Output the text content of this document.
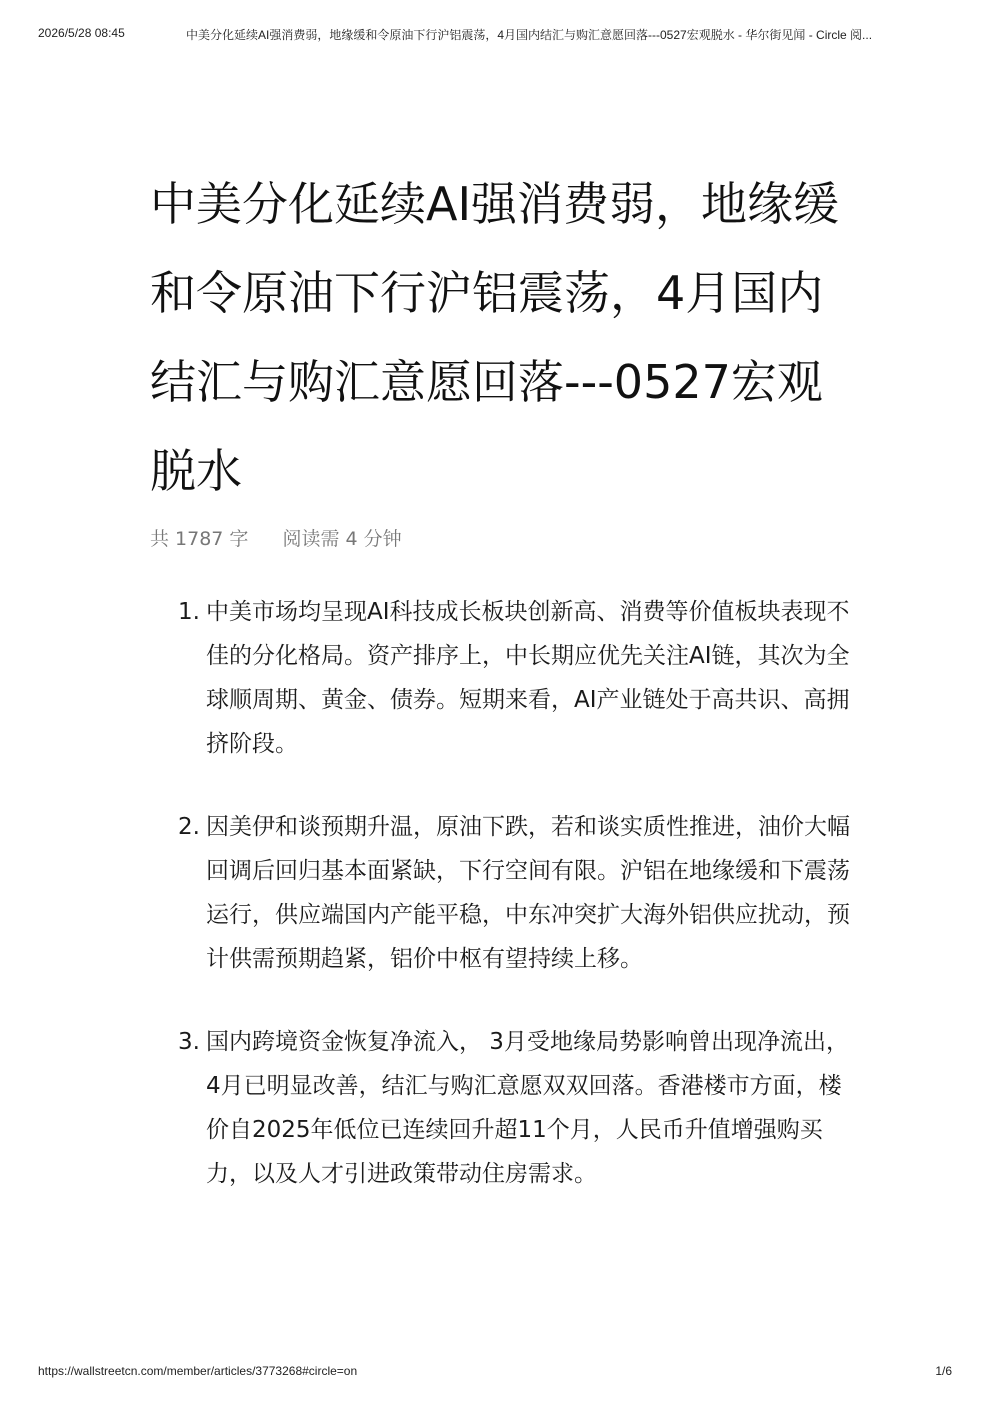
2026/5/28 08:45	中美分化延续AI强消费弱，地缘缓和令原油下行沪铝震荡，4月国内结汇与购汇意愿回落---0527宏观脱水 - 华尔街见闻 - Circle 阅...
中美分化延续AI强消费弱，地缘缓和令原油下行沪铝震荡，4月国内结汇与购汇意愿回落---0527宏观脱水
共 1787 字 阅读需 4 分钟
1. 中美市场均呈现AI科技成长板块创新高、消费等价值板块表现不佳的分化格局。资产排序上，中长期应优先关注AI链，其次为全球顺周期、黄金、债券。短期来看，AI产业链处于高共识、高拥挤阶段。
2. 因美伊和谈预期升温，原油下跌，若和谈实质性推进，油价大幅回调后回归基本面紧缺，下行空间有限。沪铝在地缘缓和下震荡运行，供应端国内产能平稳，中东冲突扩大海外铝供应扰动，预计供需预期趋紧，铝价中枢有望持续上移。
3. 国内跨境资金恢复净流入， 3月受地缘局势影响曾出现净流出，4月已明显改善，结汇与购汇意愿双双回落。香港楼市方面，楼价自2025年低位已连续回升超11个月，人民币升值增强购买力，以及人才引进政策带动住房需求。
https://wallstreetcn.com/member/articles/3773268#circle=on	1/6
